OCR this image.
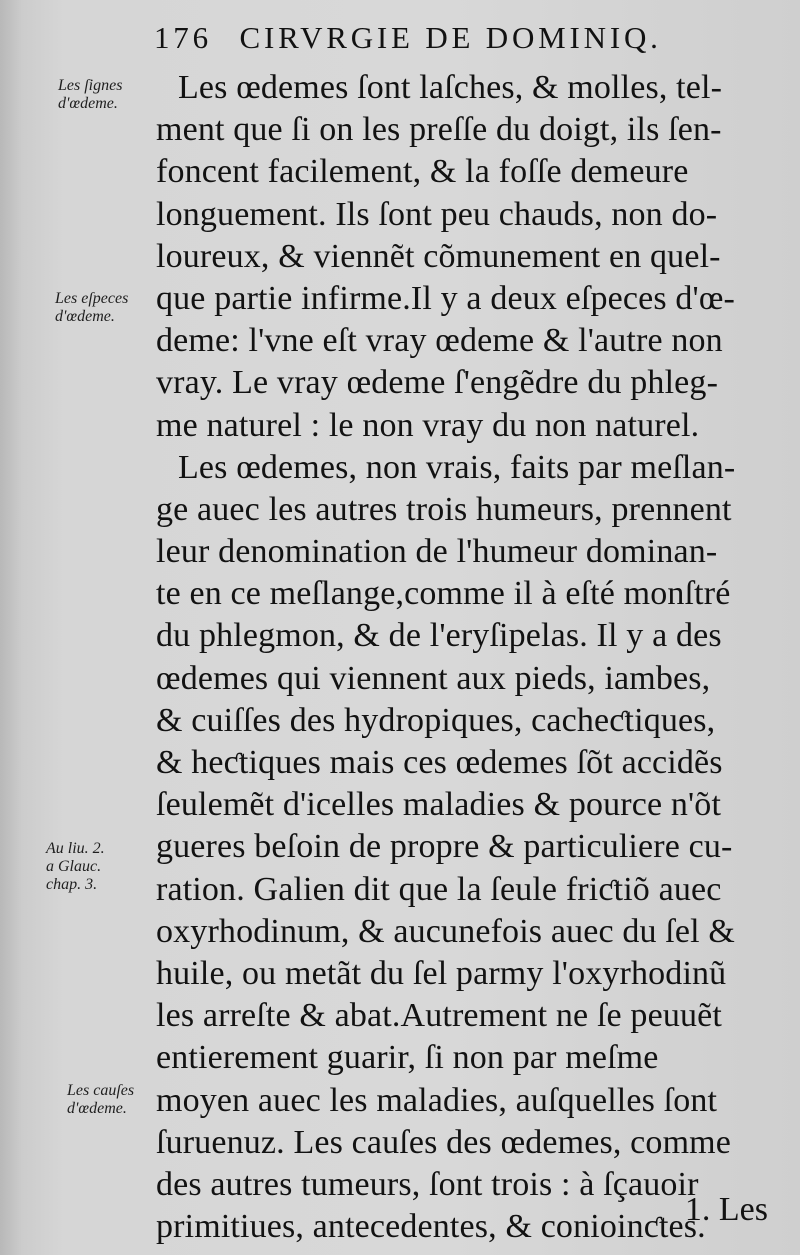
176 CIRVRGIE DE DOMINIQ.
Les ſignes
d'œdeme.
Les eſpeces
d'œdeme.
Au liu. 2.
a Glauc.
chap. 3.
Les cauſes
d'œdeme.
Les œdemes ſont laſches, & molles, tel-
ment que ſi on les preſſe du doigt, ils ſen-
foncent facilement, & la foſſe demeure
longuement. Ils ſont peu chauds, non do-
loureux, & viennẽt cõmunement en quel-
que partie infirme.Il y a deux eſpeces d'œ-
deme: l'vne eſt vray œdeme & l'autre non
vray. Le vray œdeme ſ'engẽdre du phleg-
me naturel : le non vray du non naturel.
Les œdemes, non vrais, faits par meſlan-
ge auec les autres trois humeurs, prennent
leur denomination de l'humeur dominan-
te en ce meſlange,comme il à eſté monſtré
du phlegmon, & de l'eryſipelas. Il y a des
œdemes qui viennent aux pieds, iambes,
& cuiſſes des hydropiques, cacheƈtiques,
& heƈtiques mais ces œdemes ſõt accidẽs
ſeulemẽt d'icelles maladies & pource n'õt
gueres beſoin de propre & particuliere cu-
ration. Galien dit que la ſeule friƈtiõ auec
oxyrhodinum, & aucunefois auec du ſel &
huile, ou metãt du ſel parmy l'oxyrhodinũ
les arreſte & abat.Autrement ne ſe peuuẽt
entierement guarir, ſi non par meſme
moyen auec les maladies, auſquelles ſont
ſuruenuz. Les cauſes des œdemes, comme
des autres tumeurs, ſont trois : à ſçauoir
primitiues, antecedentes, & conioinƈtes.
1. Les
